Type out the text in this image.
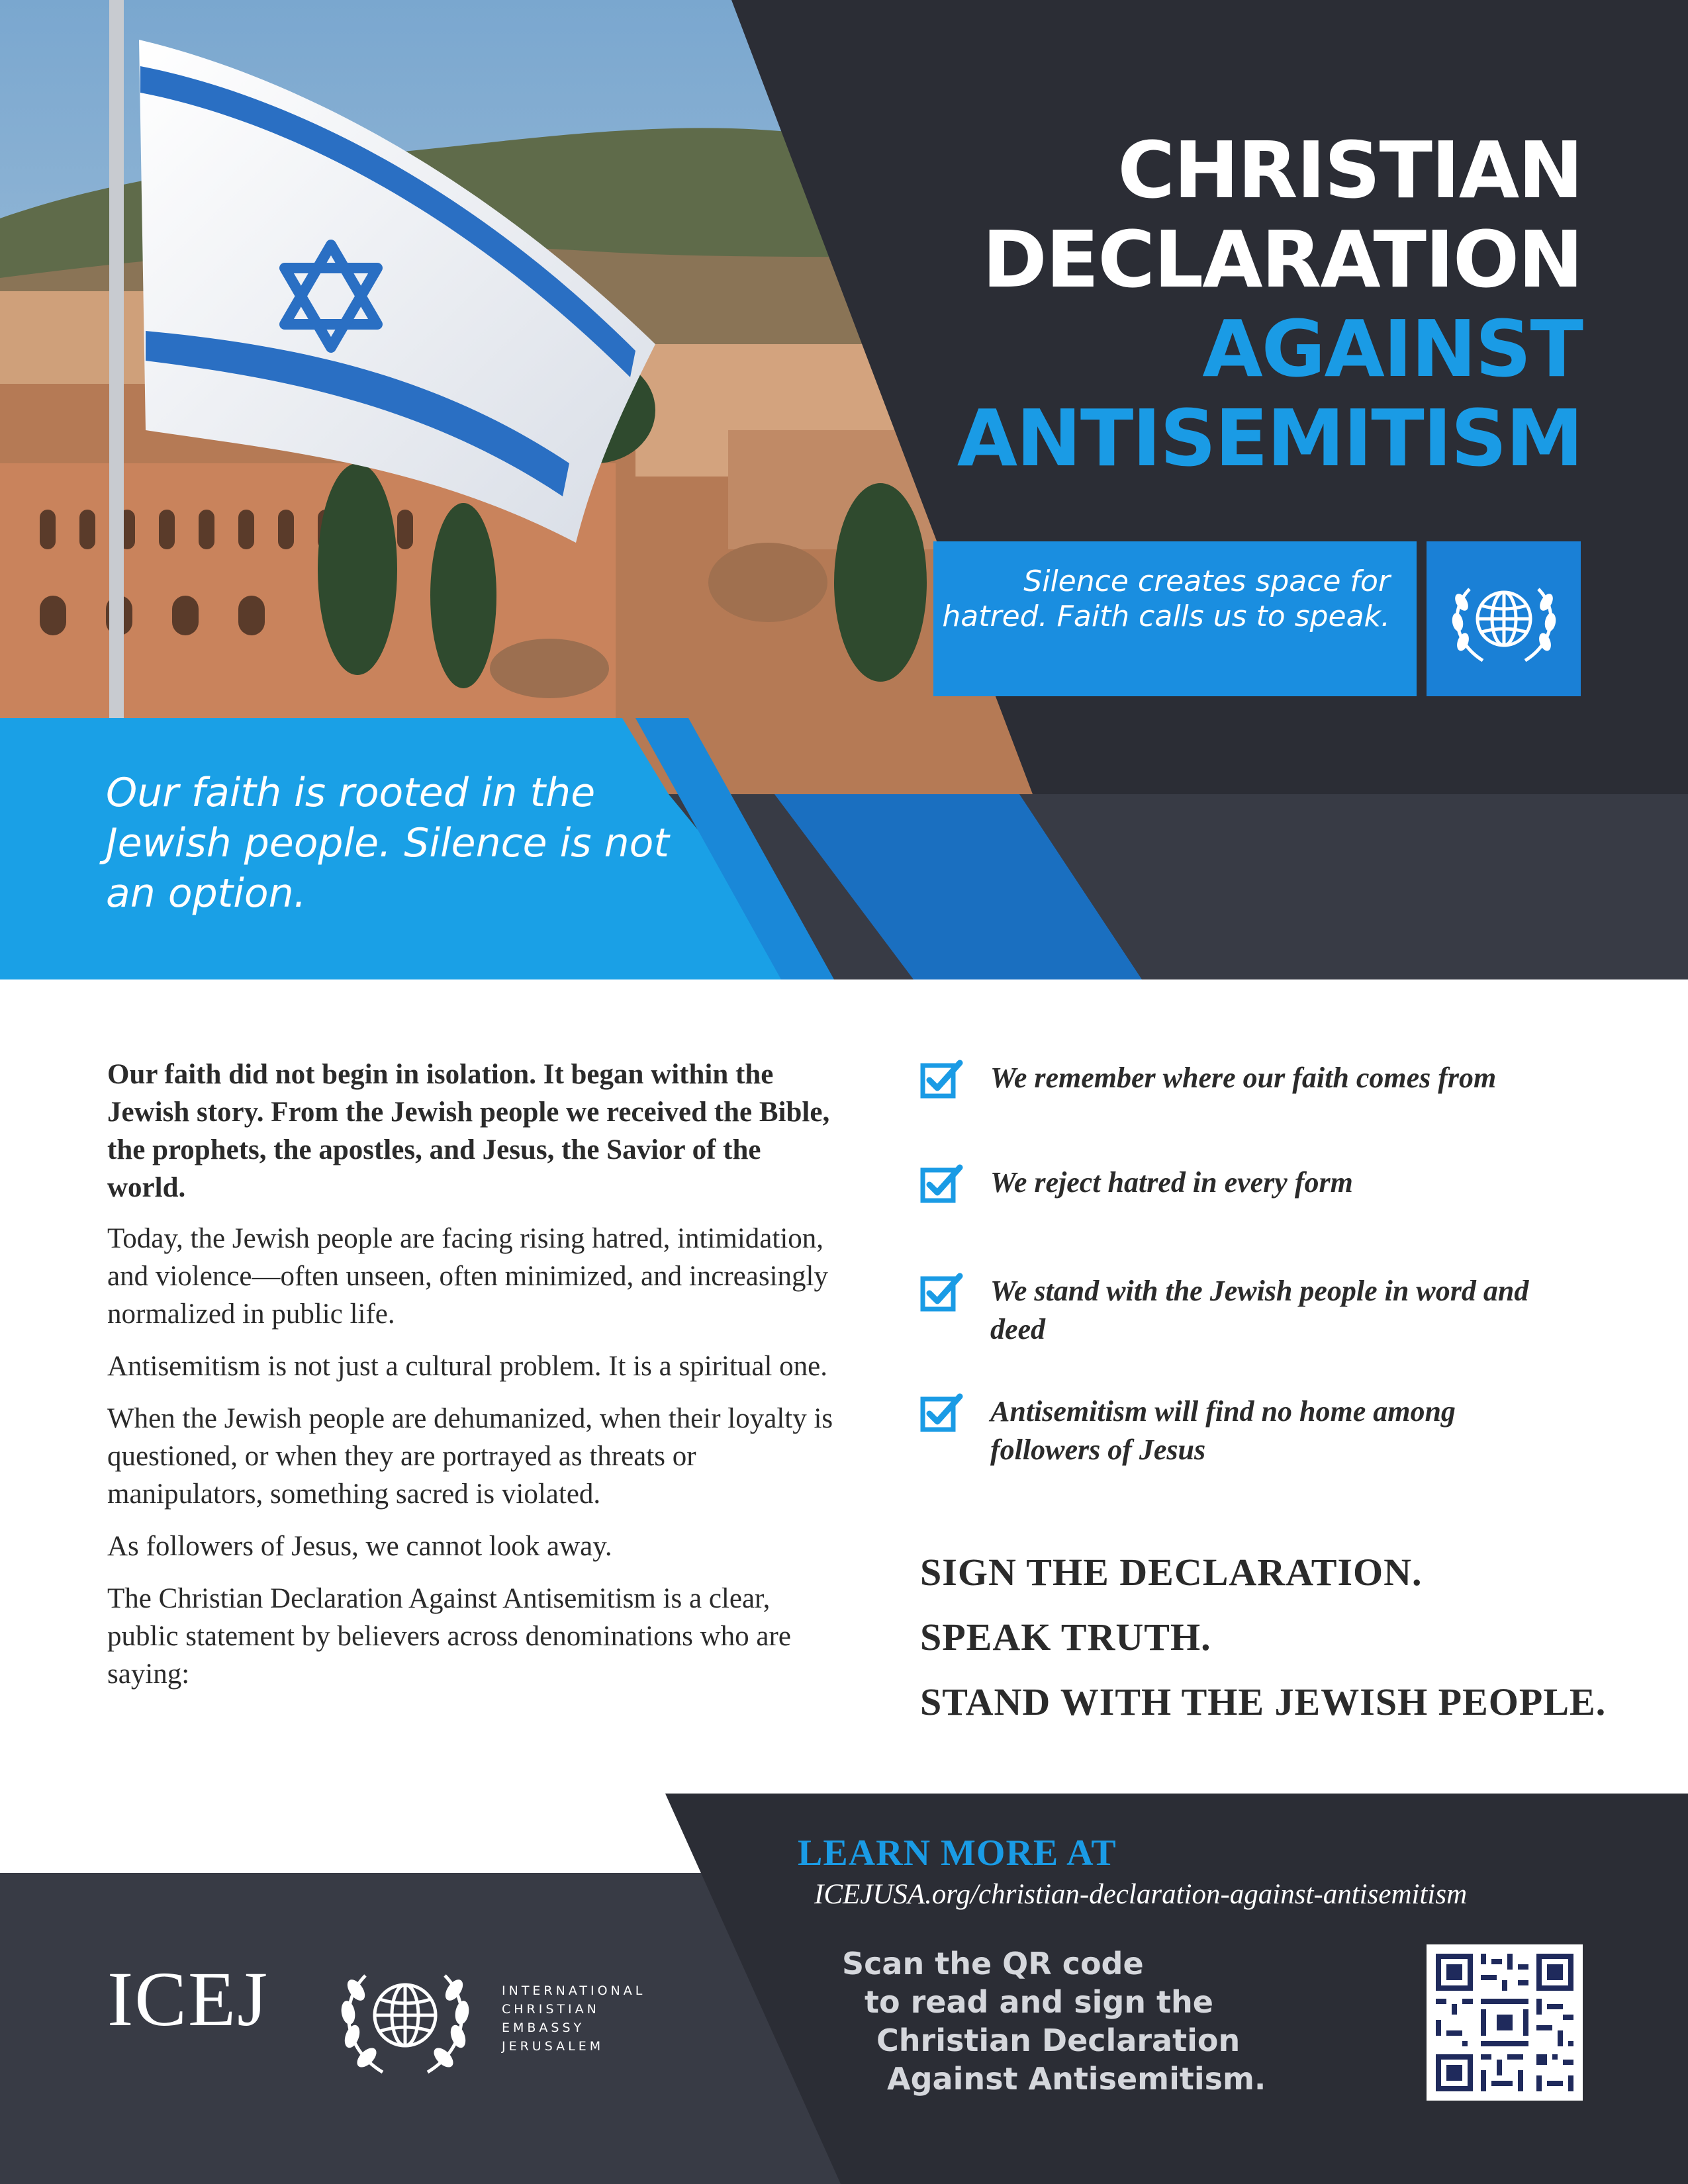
CHRISTIAN
DECLARATION
AGAINST
ANTISEMITISM
Silence creates space for hatred. Faith calls us to speak.
Our faith is rooted in the Jewish people. Silence is not an option.

Our faith did not begin in isolation. It began within the Jewish story. From the Jewish people we received the Bible, the prophets, the apostles, and Jesus, the Savior of the world.

Today, the Jewish people are facing rising hatred, intimidation, and violence—often unseen, often minimized, and increasingly normalized in public life.

Antisemitism is not just a cultural problem. It is a spiritual one.

When the Jewish people are dehumanized, when their loyalty is questioned, or when they are portrayed as threats or manipulators, something sacred is violated.

As followers of Jesus, we cannot look away.

The Christian Declaration Against Antisemitism is a clear, public statement by believers across denominations who are saying:

We remember where our faith comes from
We reject hatred in every form
We stand with the Jewish people in word and deed
Antisemitism will find no home among followers of Jesus
SIGN THE DECLARATION.
SPEAK TRUTH.
STAND WITH THE JEWISH PEOPLE.
LEARN MORE AT
ICEJUSA.org/christian-declaration-against-antisemitism
Scan the QR code
to read and sign the
Christian Declaration
Against Antisemitism.
ICEJ	INTERNATIONAL
CHRISTIAN
EMBASSY
JERUSALEM
